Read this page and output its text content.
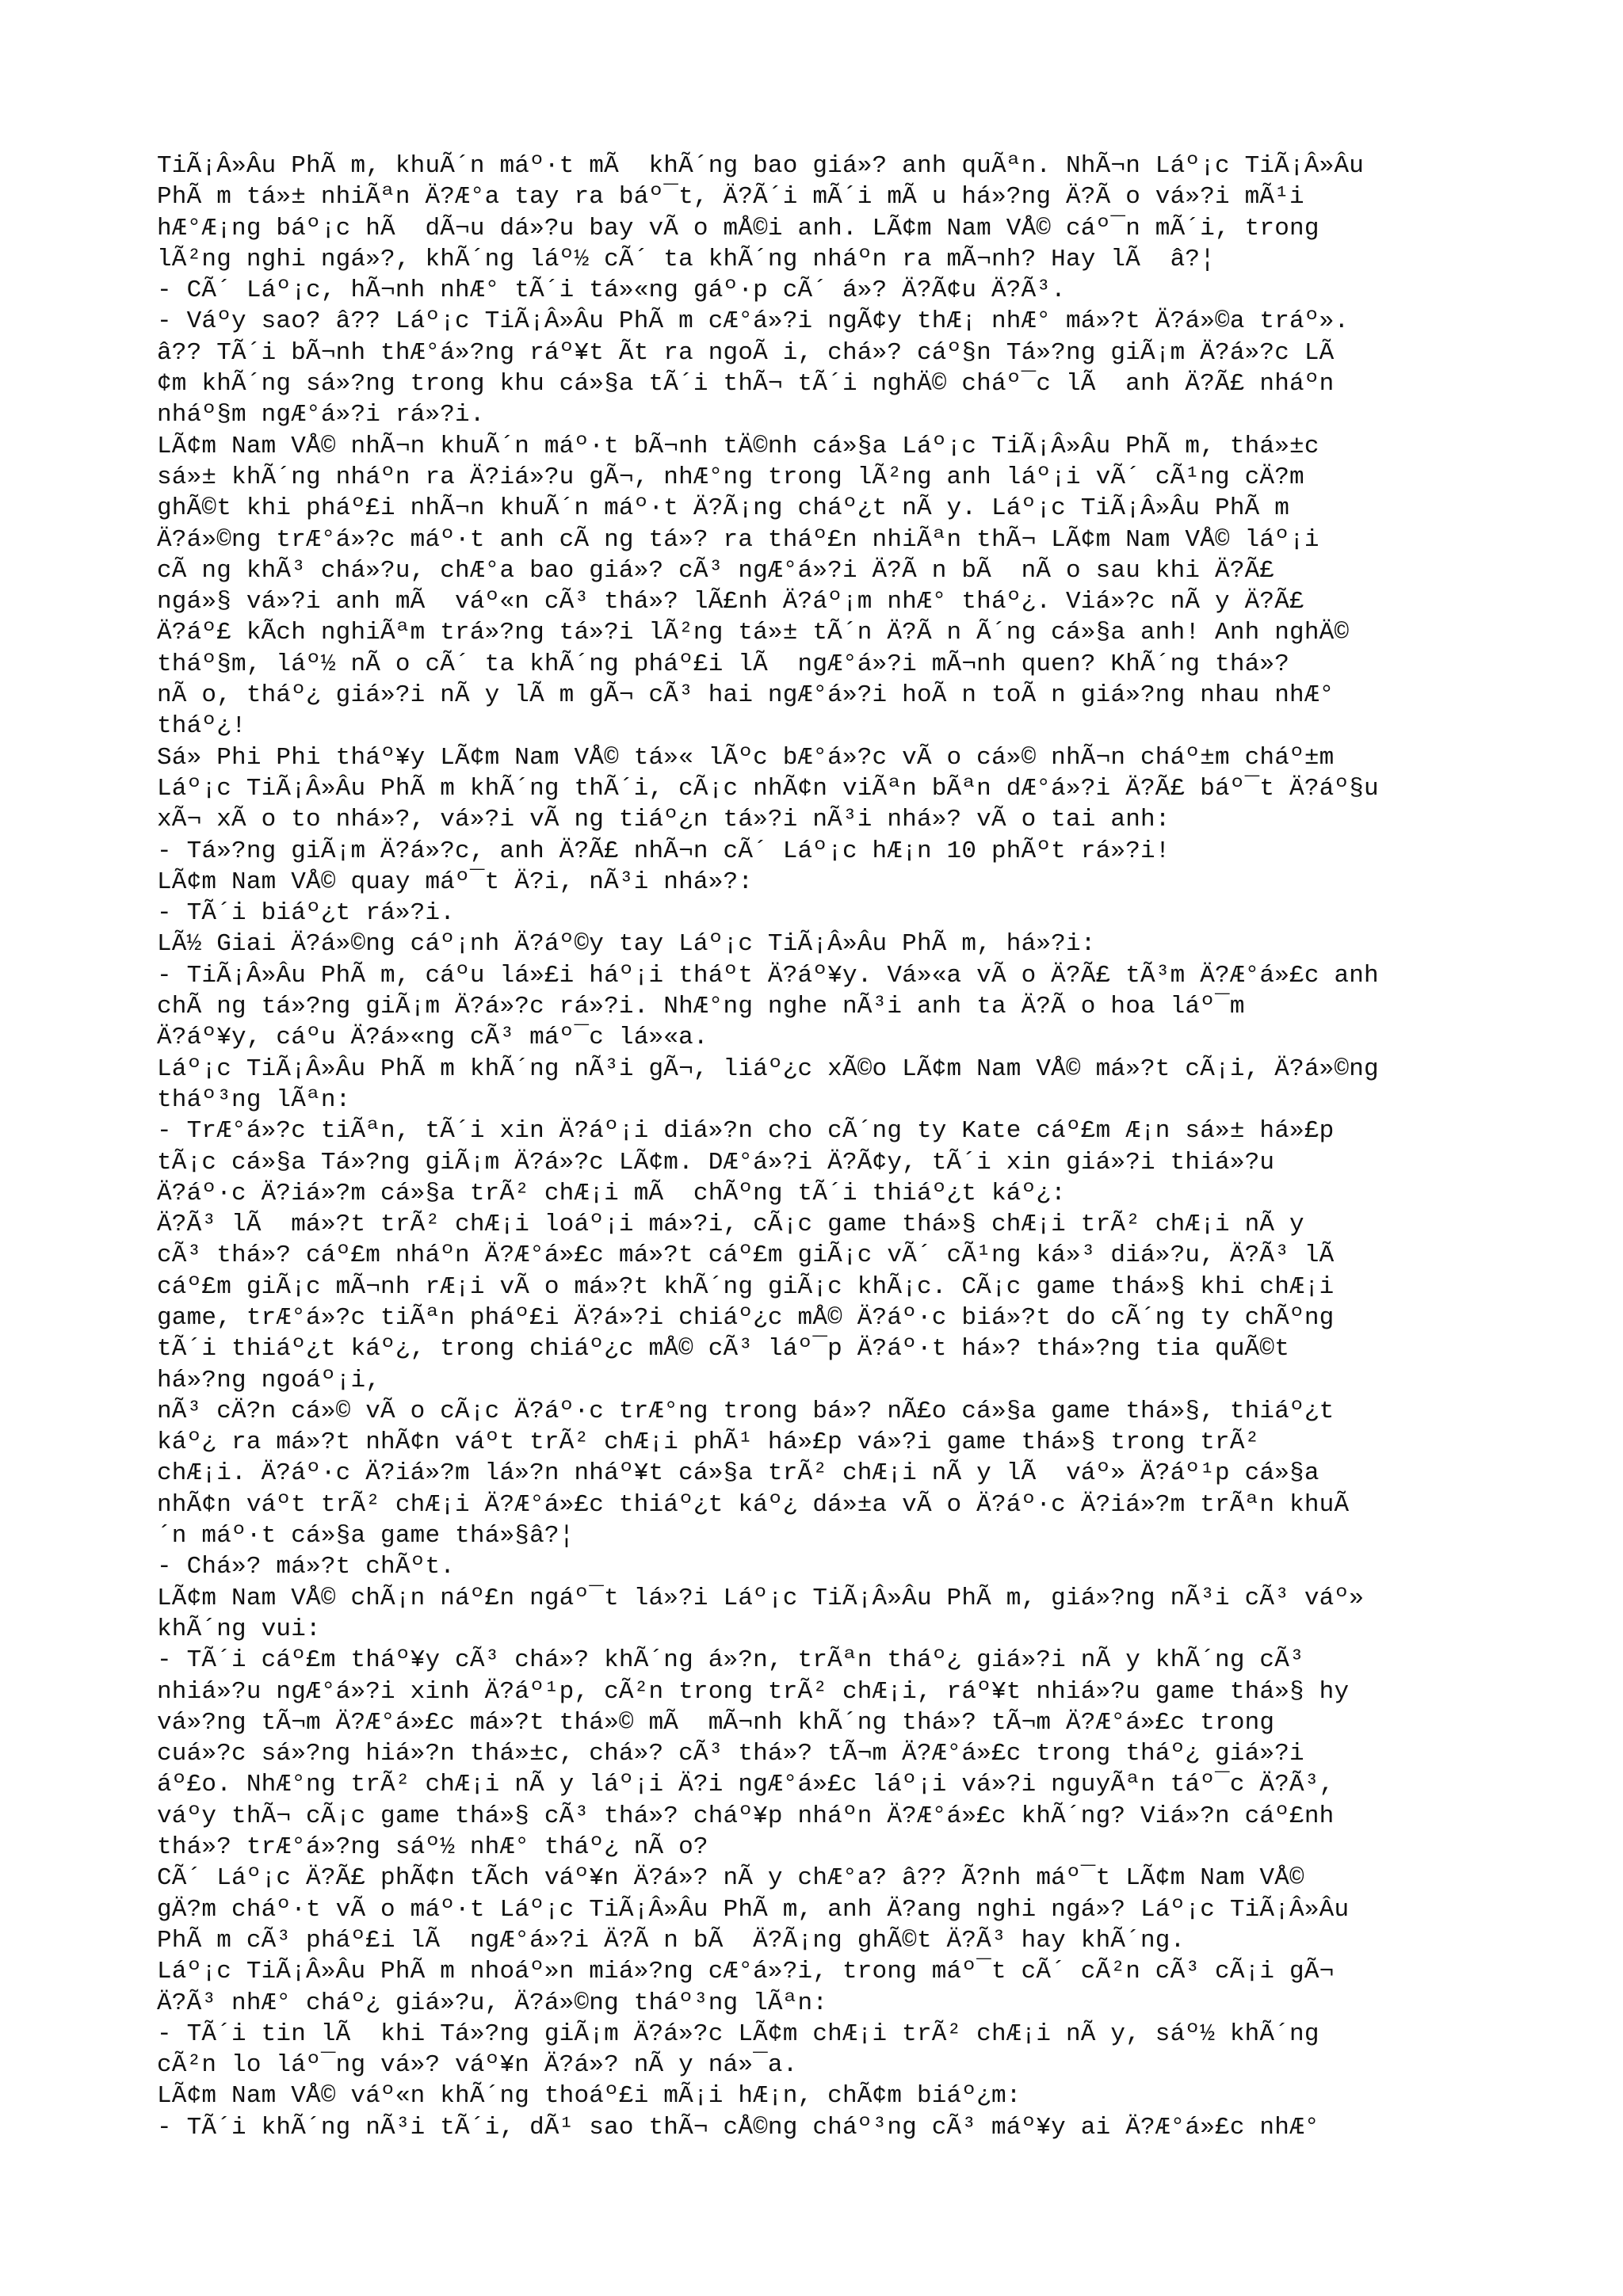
TiÃ¡Â»Âu PhÃ m, khuÃ´n máº·t mÃ  khÃ´ng bao giá»? anh quÃªn. NhÃ¬n Láº¡c TiÃ¡Â»Âu
PhÃ m tá»± nhiÃªn Ä?Æ°a tay ra báº¯t, Ä?Ã´i mÃ´i mÃ u há»?ng Ä?Ã o vá»?i mÃ¹i
hÆ°Æ¡ng báº¡c hÃ  dÃ¬u dá»?u bay vÃ o mÅ©i anh. LÃ¢m Nam VÅ© cáº¯n mÃ´i, trong
lÃ²ng nghi ngá»?, khÃ´ng láº½ cÃ´ ta khÃ´ng nháºn ra mÃ¬nh? Hay lÃ  â?¦
- CÃ´ Láº¡c, hÃ¬nh nhÆ° tÃ´i tá»«ng gáº·p cÃ´ á»? Ä?Ã¢u Ä?Ã³.
- Váºy sao? â?? Láº¡c TiÃ¡Â»Âu PhÃ m cÆ°á»?i ngÃ¢y thÆ¡ nhÆ° má»?t Ä?á»©a tráº».
â?? TÃ´i bÃ¬nh thÆ°á»?ng ráº¥t Ãt ra ngoÃ i, chá»? cáº§n Tá»?ng giÃ¡m Ä?á»?c LÃ
¢m khÃ´ng sá»?ng trong khu cá»§a tÃ´i thÃ¬ tÃ´i nghÄ© cháº¯c lÃ  anh Ä?Ã£ nháºn
nháº§m ngÆ°á»?i rá»?i.
LÃ¢m Nam VÅ© nhÃ¬n khuÃ´n máº·t bÃ¬nh tÄ©nh cá»§a Láº¡c TiÃ¡Â»Âu PhÃ m, thá»±c
sá»± khÃ´ng nháºn ra Ä?iá»?u gÃ¬, nhÆ°ng trong lÃ²ng anh láº¡i vÃ´ cÃ¹ng cÄ?m
ghÃ©t khi pháº£i nhÃ¬n khuÃ´n máº·t Ä?Ã¡ng cháº¿t nÃ y. Láº¡c TiÃ¡Â»Âu PhÃ m
Ä?á»©ng trÆ°á»?c máº·t anh cÃ ng tá»? ra tháº£n nhiÃªn thÃ¬ LÃ¢m Nam VÅ© láº¡i
cÃ ng khÃ³ chá»?u, chÆ°a bao giá»? cÃ³ ngÆ°á»?i Ä?Ã n bÃ  nÃ o sau khi Ä?Ã£
ngá»§ vá»?i anh mÃ  váº«n cÃ³ thá»? lÃ£nh Ä?áº¡m nhÆ° tháº¿. Viá»?c nÃ y Ä?Ã£
Ä?áº£ kÃch nghiÃªm trá»?ng tá»?i lÃ²ng tá»± tÃ´n Ä?Ã n Ã´ng cá»§a anh! Anh nghÄ©
tháº§m, láº½ nÃ o cÃ´ ta khÃ´ng pháº£i lÃ  ngÆ°á»?i mÃ¬nh quen? KhÃ´ng thá»?
nÃ o, tháº¿ giá»?i nÃ y lÃ m gÃ¬ cÃ³ hai ngÆ°á»?i hoÃ n toÃ n giá»?ng nhau nhÆ°
tháº¿!
Sá» Phi Phi tháº¥y LÃ¢m Nam VÅ© tá»« lÃºc bÆ°á»?c vÃ o cá»© nhÃ¬n cháº±m cháº±m
Láº¡c TiÃ¡Â»Âu PhÃ m khÃ´ng thÃ´i, cÃ¡c nhÃ¢n viÃªn bÃªn dÆ°á»?i Ä?Ã£ báº¯t Ä?áº§u
xÃ¬ xÃ o to nhá»?, vá»?i vÃ ng tiáº¿n tá»?i nÃ³i nhá»? vÃ o tai anh:
- Tá»?ng giÃ¡m Ä?á»?c, anh Ä?Ã£ nhÃ¬n cÃ´ Láº¡c hÆ¡n 10 phÃºt rá»?i!
LÃ¢m Nam VÅ© quay máº¯t Ä?i, nÃ³i nhá»?:
- TÃ´i biáº¿t rá»?i.
LÃ½ Giai Ä?á»©ng cáº¡nh Ä?áº©y tay Láº¡c TiÃ¡Â»Âu PhÃ m, há»?i:
- TiÃ¡Â»Âu PhÃ m, cáºu lá»£i háº¡i tháºt Ä?áº¥y. Vá»«a vÃ o Ä?Ã£ tÃ³m Ä?Æ°á»£c anh
chÃ ng tá»?ng giÃ¡m Ä?á»?c rá»?i. NhÆ°ng nghe nÃ³i anh ta Ä?Ã o hoa láº¯m
Ä?áº¥y, cáºu Ä?á»«ng cÃ³ máº¯c lá»«a.
Láº¡c TiÃ¡Â»Âu PhÃ m khÃ´ng nÃ³i gÃ¬, liáº¿c xÃ©o LÃ¢m Nam VÅ© má»?t cÃ¡i, Ä?á»©ng
tháº³ng lÃªn:
- TrÆ°á»?c tiÃªn, tÃ´i xin Ä?áº¡i diá»?n cho cÃ´ng ty Kate cáº£m Æ¡n sá»± há»£p
tÃ¡c cá»§a Tá»?ng giÃ¡m Ä?á»?c LÃ¢m. DÆ°á»?i Ä?Ã¢y, tÃ´i xin giá»?i thiá»?u
Ä?áº·c Ä?iá»?m cá»§a trÃ² chÆ¡i mÃ  chÃºng tÃ´i thiáº¿t káº¿:
Ä?Ã³ lÃ  má»?t trÃ² chÆ¡i loáº¡i má»?i, cÃ¡c game thá»§ chÆ¡i trÃ² chÆ¡i nÃ y
cÃ³ thá»? cáº£m nháºn Ä?Æ°á»£c má»?t cáº£m giÃ¡c vÃ´ cÃ¹ng ká»³ diá»?u, Ä?Ã³ lÃ
cáº£m giÃ¡c mÃ¬nh rÆ¡i vÃ o má»?t khÃ´ng giÃ¡c khÃ¡c. CÃ¡c game thá»§ khi chÆ¡i
game, trÆ°á»?c tiÃªn pháº£i Ä?á»?i chiáº¿c mÅ© Ä?áº·c biá»?t do cÃ´ng ty chÃºng
tÃ´i thiáº¿t káº¿, trong chiáº¿c mÅ© cÃ³ láº¯p Ä?áº·t há»? thá»?ng tia quÃ©t
há»?ng ngoáº¡i,
nÃ³ cÄ?n cá»© vÃ o cÃ¡c Ä?áº·c trÆ°ng trong bá»? nÃ£o cá»§a game thá»§, thiáº¿t
káº¿ ra má»?t nhÃ¢n váºt trÃ² chÆ¡i phÃ¹ há»£p vá»?i game thá»§ trong trÃ²
chÆ¡i. Ä?áº·c Ä?iá»?m lá»?n nháº¥t cá»§a trÃ² chÆ¡i nÃ y lÃ  váº» Ä?áº¹p cá»§a
nhÃ¢n váºt trÃ² chÆ¡i Ä?Æ°á»£c thiáº¿t káº¿ dá»±a vÃ o Ä?áº·c Ä?iá»?m trÃªn khuÃ
´n máº·t cá»§a game thá»§â?¦
- Chá»? má»?t chÃºt.
LÃ¢m Nam VÅ© chÃ¡n náº£n ngáº¯t lá»?i Láº¡c TiÃ¡Â»Âu PhÃ m, giá»?ng nÃ³i cÃ³ váº»
khÃ´ng vui:
- TÃ´i cáº£m tháº¥y cÃ³ chá»? khÃ´ng á»?n, trÃªn tháº¿ giá»?i nÃ y khÃ´ng cÃ³
nhiá»?u ngÆ°á»?i xinh Ä?áº¹p, cÃ²n trong trÃ² chÆ¡i, ráº¥t nhiá»?u game thá»§ hy
vá»?ng tÃ¬m Ä?Æ°á»£c má»?t thá»© mÃ  mÃ¬nh khÃ´ng thá»? tÃ¬m Ä?Æ°á»£c trong
cuá»?c sá»?ng hiá»?n thá»±c, chá»? cÃ³ thá»? tÃ¬m Ä?Æ°á»£c trong tháº¿ giá»?i
áº£o. NhÆ°ng trÃ² chÆ¡i nÃ y láº¡i Ä?i ngÆ°á»£c láº¡i vá»?i nguyÃªn táº¯c Ä?Ã³,
váºy thÃ¬ cÃ¡c game thá»§ cÃ³ thá»? cháº¥p nháºn Ä?Æ°á»£c khÃ´ng? Viá»?n cáº£nh
thá»? trÆ°á»?ng sáº½ nhÆ° tháº¿ nÃ o?
CÃ´ Láº¡c Ä?Ã£ phÃ¢n tÃch váº¥n Ä?á»? nÃ y chÆ°a? â?? Ã?nh máº¯t LÃ¢m Nam VÅ©
gÄ?m cháº·t vÃ o máº·t Láº¡c TiÃ¡Â»Âu PhÃ m, anh Ä?ang nghi ngá»? Láº¡c TiÃ¡Â»Âu
PhÃ m cÃ³ pháº£i lÃ  ngÆ°á»?i Ä?Ã n bÃ  Ä?Ã¡ng ghÃ©t Ä?Ã³ hay khÃ´ng.
Láº¡c TiÃ¡Â»Âu PhÃ m nhoáº»n miá»?ng cÆ°á»?i, trong máº¯t cÃ´ cÃ²n cÃ³ cÃ¡i gÃ¬
Ä?Ã³ nhÆ° cháº¿ giá»?u, Ä?á»©ng tháº³ng lÃªn:
- TÃ´i tin lÃ  khi Tá»?ng giÃ¡m Ä?á»?c LÃ¢m chÆ¡i trÃ² chÆ¡i nÃ y, sáº½ khÃ´ng
cÃ²n lo láº¯ng vá»? váº¥n Ä?á»? nÃ y ná»¯a.
LÃ¢m Nam VÅ© váº«n khÃ´ng thoáº£i mÃ¡i hÆ¡n, chÃ¢m biáº¿m:
- TÃ´i khÃ´ng nÃ³i tÃ´i, dÃ¹ sao thÃ¬ cÅ©ng cháº³ng cÃ³ máº¥y ai Ä?Æ°á»£c nhÆ°
